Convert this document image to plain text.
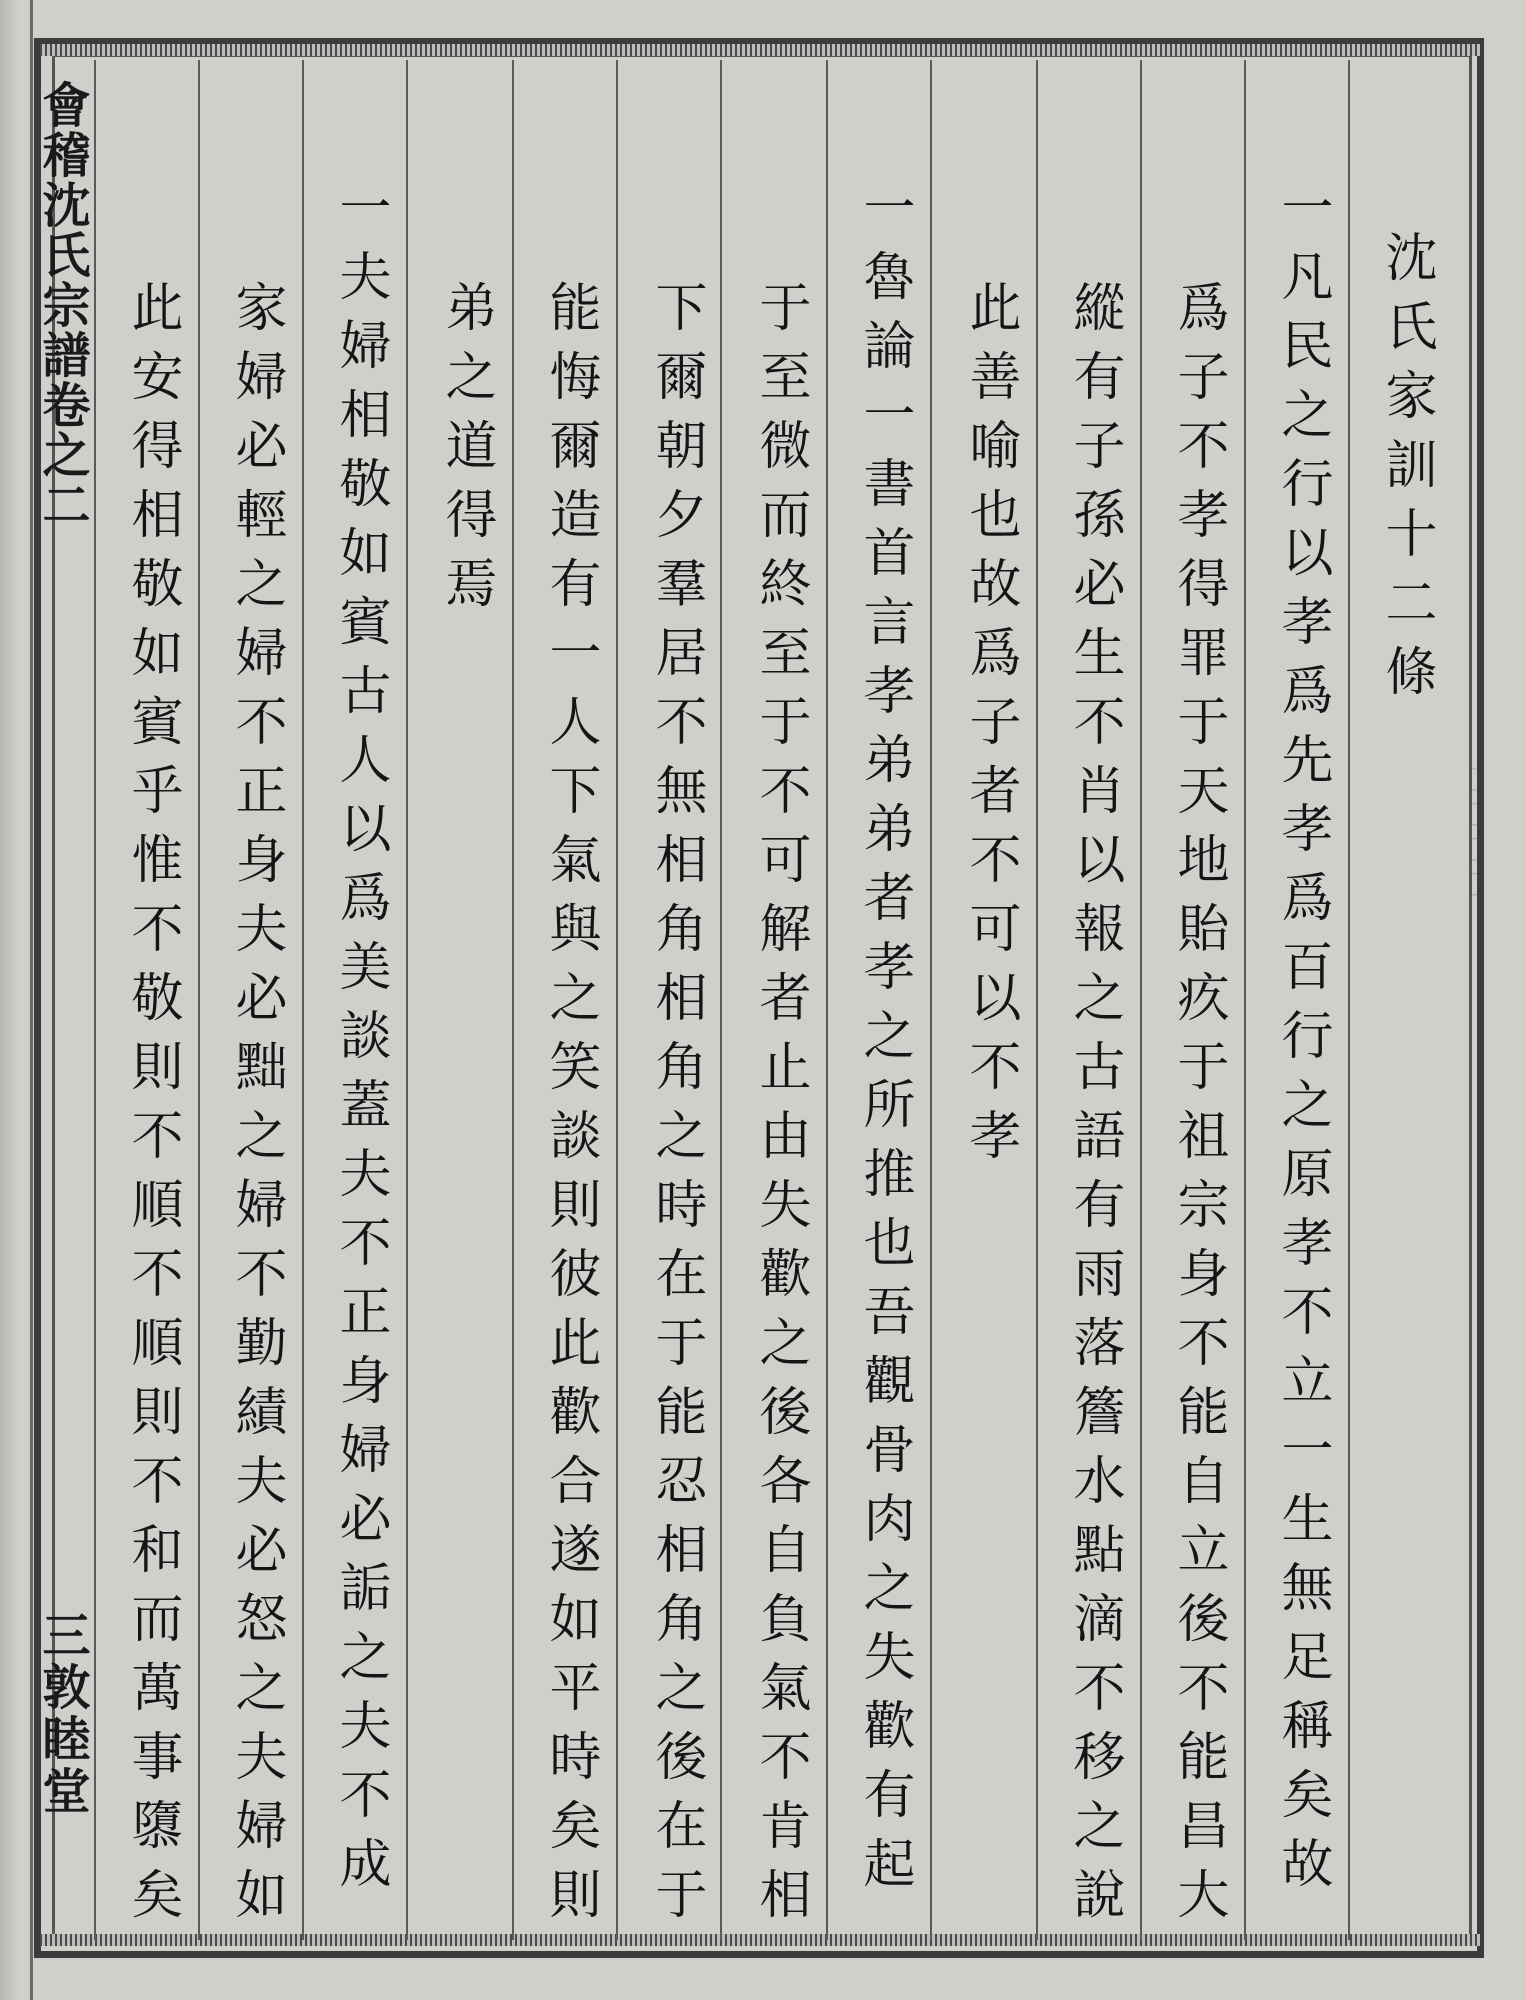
會稽沈氏宗譜卷之二
三敦睦堂
▯▯▯▯
沈氏家訓十二條
一凡民之行以孝爲先孝爲百行之原孝不立一生無足稱矣故
爲子不孝得罪于天地貽疚于祖宗身不能自立後不能昌大
縱有子孫必生不肖以報之古語有雨落簷水點滴不移之說
此善喻也故爲子者不可以不孝
一魯論一書首言孝弟弟者孝之所推也吾觀骨肉之失歡有起
于至微而終至于不可解者止由失歡之後各自負氣不肯相
下爾朝夕羣居不無相角相角之時在于能忍相角之後在于
能悔爾造有一人下氣與之笑談則彼此歡合遂如平時矣則
弟之道得焉
一夫婦相敬如賓古人以爲美談蓋夫不正身婦必詬之夫不成
家婦必輕之婦不正身夫必黜之婦不勤績夫必怒之夫婦如
此安得相敬如賓乎惟不敬則不順不順則不和而萬事隳矣
